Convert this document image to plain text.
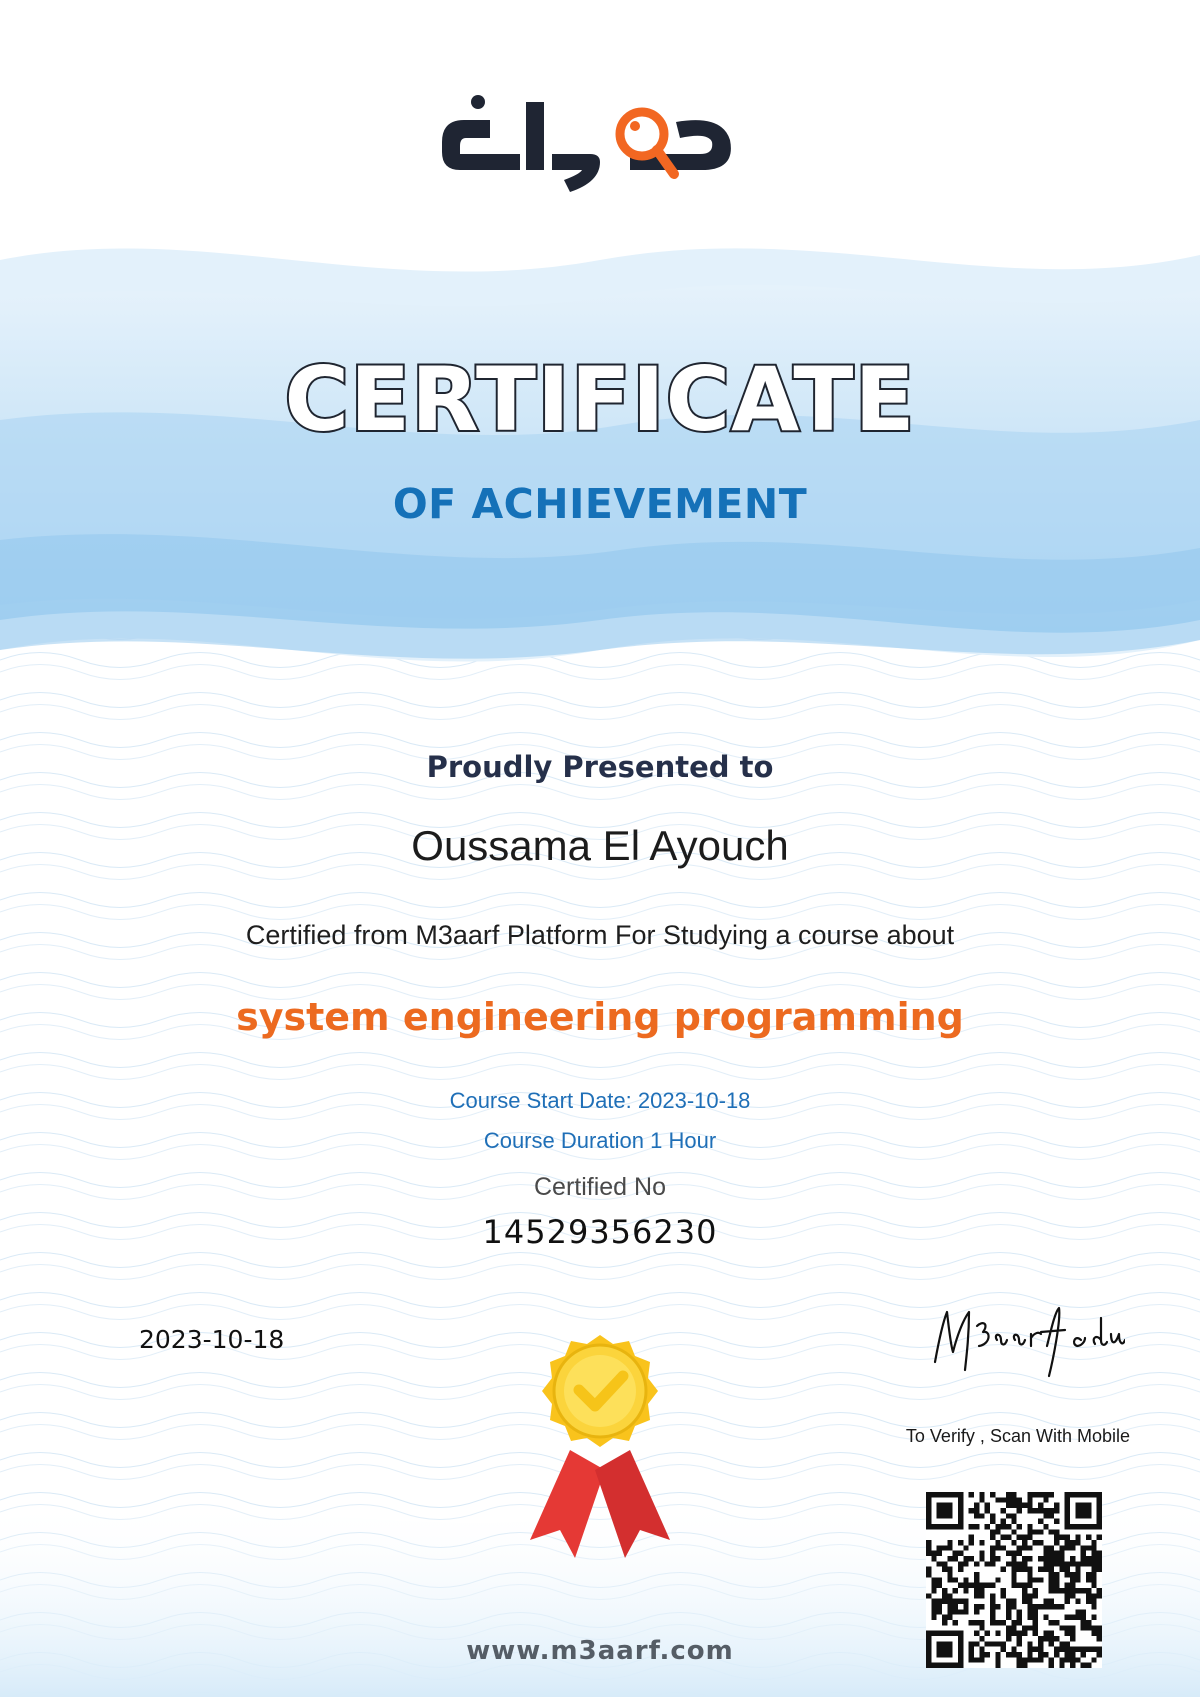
CERTIFICATE
OF ACHIEVEMENT
Proudly Presented to
Oussama El Ayouch
Certified from M3aarf Platform For Studying a course about
system engineering programming
Course Start Date: 2023-10-18
Course Duration 1 Hour
Certified No
14529356230
2023-10-18
To Verify , Scan With Mobile
www.m3aarf.com
